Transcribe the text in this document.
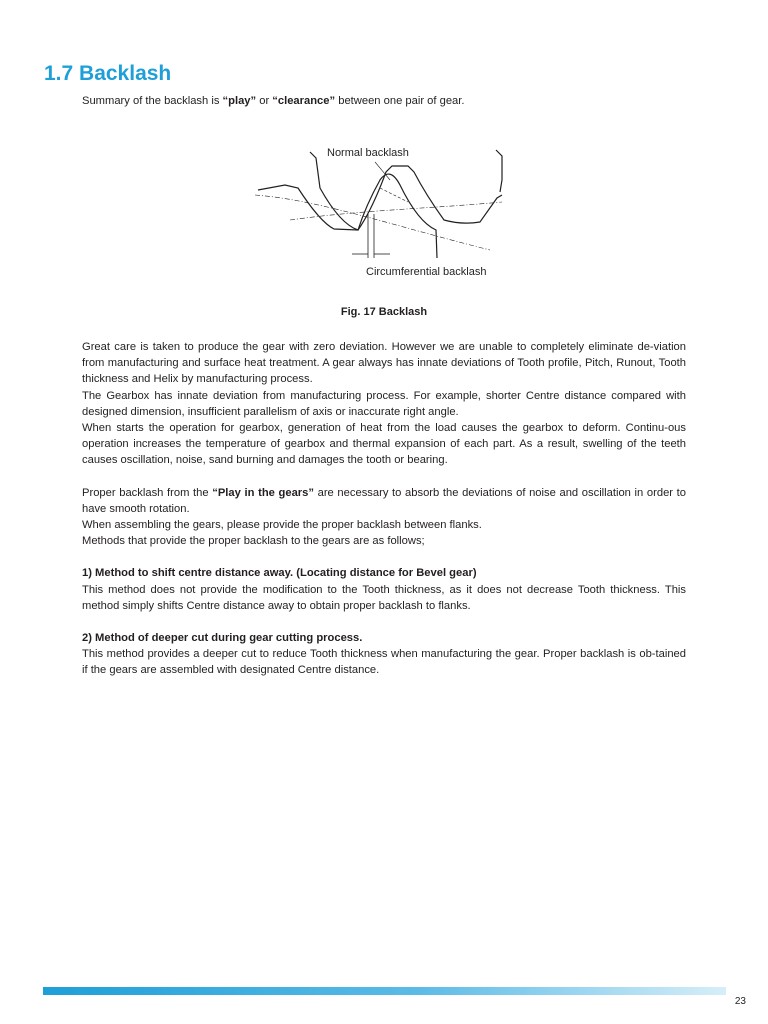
1.7 Backlash

Summary of the backlash is “play” or “clearance” between one pair of gear.

Normal backlash
Circumferential backlash

Fig. 17 Backlash

Great care is taken to produce the gear with zero deviation. However we are unable to completely eliminate de-viation from manufacturing and surface heat treatment. A gear always has innate deviations of Tooth profile, Pitch, Runout, Tooth thickness and Helix by manufacturing process.

The Gearbox has innate deviation from manufacturing process. For example, shorter Centre distance compared with designed dimension, insufficient parallelism of axis or inaccurate right angle.

When starts the operation for gearbox, generation of heat from the load causes the gearbox to deform. Continu-ous operation increases the temperature of gearbox and thermal expansion of each part. As a result, swelling of the teeth causes oscillation, noise, sand burning and damages the tooth or bearing.

Proper backlash from the “Play in the gears” are necessary to absorb the deviations of noise and oscillation in order to have smooth rotation.

When assembling the gears, please provide the proper backlash between flanks.

Methods that provide the proper backlash to the gears are as follows;

1) Method to shift centre distance away. (Locating distance for Bevel gear)

This method does not provide the modification to the Tooth thickness, as it does not decrease Tooth thickness. This method simply shifts Centre distance away to obtain proper backlash to flanks.

2) Method of deeper cut during gear cutting process.

This method provides a deeper cut to reduce Tooth thickness when manufacturing the gear. Proper backlash is ob-tained if the gears are assembled with designated Centre distance.

23
